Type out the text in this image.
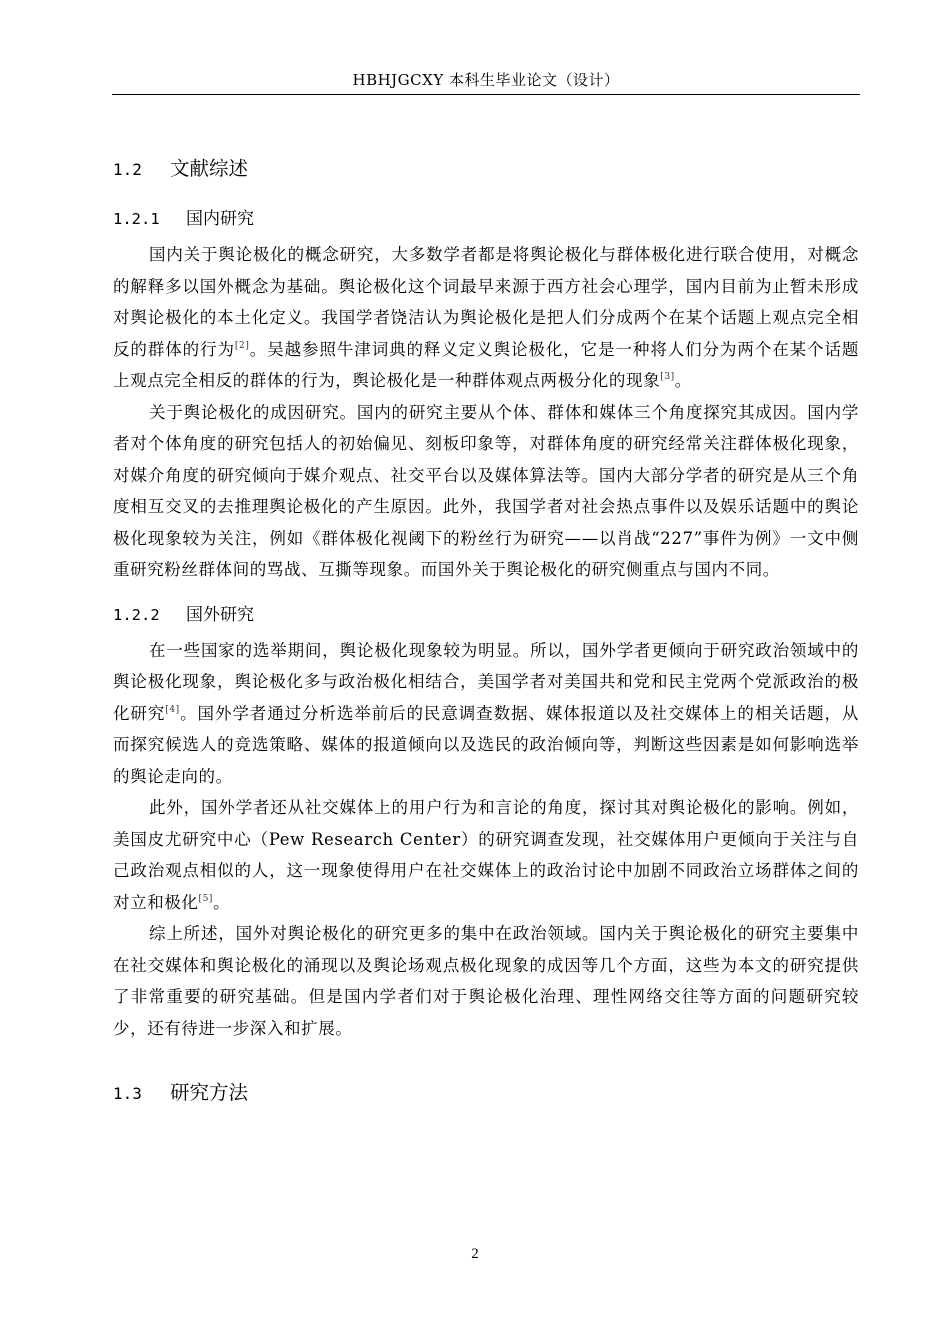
HBHJGCXY 本科生毕业论文（设计）
1.2 文献综述
1.2.1 国内研究

国内关于舆论极化的概念研究，大多数学者都是将舆论极化与群体极化进行联合使用，对概念的解释多以国外概念为基础。舆论极化这个词最早来源于西方社会心理学，国内目前为止暂未形成对舆论极化的本土化定义。我国学者饶洁认为舆论极化是把人们分成两个在某个话题上观点完全相反的群体的行为[2]。吴越参照牛津词典的释义定义舆论极化，它是一种将人们分为两个在某个话题上观点完全相反的群体的行为，舆论极化是一种群体观点两极分化的现象[3]。

关于舆论极化的成因研究。国内的研究主要从个体、群体和媒体三个角度探究其成因。国内学者对个体角度的研究包括人的初始偏见、刻板印象等，对群体角度的研究经常关注群体极化现象，对媒介角度的研究倾向于媒介观点、社交平台以及媒体算法等。国内大部分学者的研究是从三个角度相互交叉的去推理舆论极化的产生原因。此外，我国学者对社会热点事件以及娱乐话题中的舆论极化现象较为关注，例如《群体极化视阈下的粉丝行为研究——以肖战“227”事件为例》一文中侧重研究粉丝群体间的骂战、互撕等现象。而国外关于舆论极化的研究侧重点与国内不同。

1.2.2 国外研究

在一些国家的选举期间，舆论极化现象较为明显。所以，国外学者更倾向于研究政治领域中的舆论极化现象，舆论极化多与政治极化相结合，美国学者对美国共和党和民主党两个党派政治的极化研究[4]。国外学者通过分析选举前后的民意调查数据、媒体报道以及社交媒体上的相关话题，从而探究候选人的竞选策略、媒体的报道倾向以及选民的政治倾向等，判断这些因素是如何影响选举的舆论走向的。

此外，国外学者还从社交媒体上的用户行为和言论的角度，探讨其对舆论极化的影响。例如，美国皮尤研究中心（Pew Research Center）的研究调查发现，社交媒体用户更倾向于关注与自己政治观点相似的人，这一现象使得用户在社交媒体上的政治讨论中加剧不同政治立场群体之间的对立和极化[5]。

综上所述，国外对舆论极化的研究更多的集中在政治领域。国内关于舆论极化的研究主要集中在社交媒体和舆论极化的涌现以及舆论场观点极化现象的成因等几个方面，这些为本文的研究提供了非常重要的研究基础。但是国内学者们对于舆论极化治理、理性网络交往等方面的问题研究较少，还有待进一步深入和扩展。

1.3 研究方法
2
